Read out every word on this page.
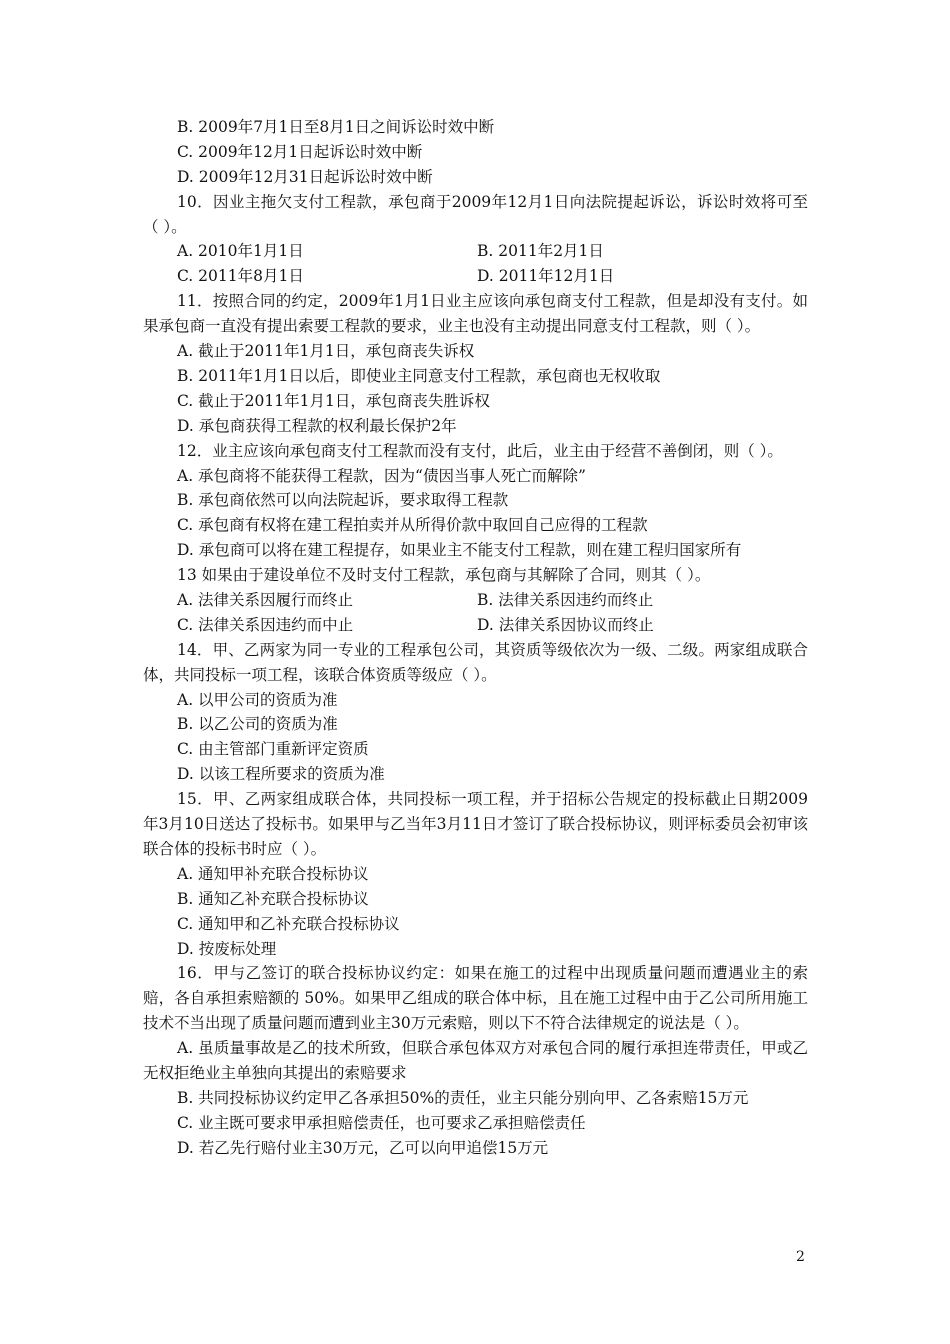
B. 2009年7月1日至8月1日之间诉讼时效中断
C. 2009年12月1日起诉讼时效中断
D. 2009年12月31日起诉讼时效中断
10．因业主拖欠支付工程款，承包商于2009年12月1日向法院提起诉讼，诉讼时效将可至（ ）。
A. 2010年1月1日	B. 2011年2月1日
C. 2011年8月1日	D. 2011年12月1日
11．按照合同的约定，2009年1月1日业主应该向承包商支付工程款，但是却没有支付。如果承包商一直没有提出索要工程款的要求，业主也没有主动提出同意支付工程款，则（ ）。
A. 截止于2011年1月1日，承包商丧失诉权
B. 2011年1月1日以后，即使业主同意支付工程款，承包商也无权收取
C. 截止于2011年1月1日，承包商丧失胜诉权
D. 承包商获得工程款的权利最长保护2年
12．业主应该向承包商支付工程款而没有支付，此后，业主由于经营不善倒闭，则（ ）。
A. 承包商将不能获得工程款，因为“债因当事人死亡而解除”
B. 承包商依然可以向法院起诉，要求取得工程款
C. 承包商有权将在建工程拍卖并从所得价款中取回自己应得的工程款
D. 承包商可以将在建工程提存，如果业主不能支付工程款，则在建工程归国家所有
13 如果由于建设单位不及时支付工程款，承包商与其解除了合同，则其（ ）。
A. 法律关系因履行而终止	B. 法律关系因违约而终止
C. 法律关系因违约而中止	D. 法律关系因协议而终止
14．甲、乙两家为同一专业的工程承包公司，其资质等级依次为一级、二级。两家组成联合体，共同投标一项工程，该联合体资质等级应（ ）。
A. 以甲公司的资质为准
B. 以乙公司的资质为准
C. 由主管部门重新评定资质
D. 以该工程所要求的资质为准
15．甲、乙两家组成联合体，共同投标一项工程，并于招标公告规定的投标截止日期2009年3月10日送达了投标书。如果甲与乙当年3月11日才签订了联合投标协议，则评标委员会初审该联合体的投标书时应（ ）。
A. 通知甲补充联合投标协议
B. 通知乙补充联合投标协议
C. 通知甲和乙补充联合投标协议
D. 按废标处理
16．甲与乙签订的联合投标协议约定：如果在施工的过程中出现质量问题而遭遇业主的索赔，各自承担索赔额的 50%。如果甲乙组成的联合体中标，且在施工过程中由于乙公司所用施工技术不当出现了质量问题而遭到业主30万元索赔，则以下不符合法律规定的说法是（ ）。
A. 虽质量事故是乙的技术所致，但联合承包体双方对承包合同的履行承担连带责任，甲或乙无权拒绝业主单独向其提出的索赔要求
B. 共同投标协议约定甲乙各承担50%的责任，业主只能分别向甲、乙各索赔15万元
C. 业主既可要求甲承担赔偿责任，也可要求乙承担赔偿责任
D. 若乙先行赔付业主30万元，乙可以向甲追偿15万元
2
